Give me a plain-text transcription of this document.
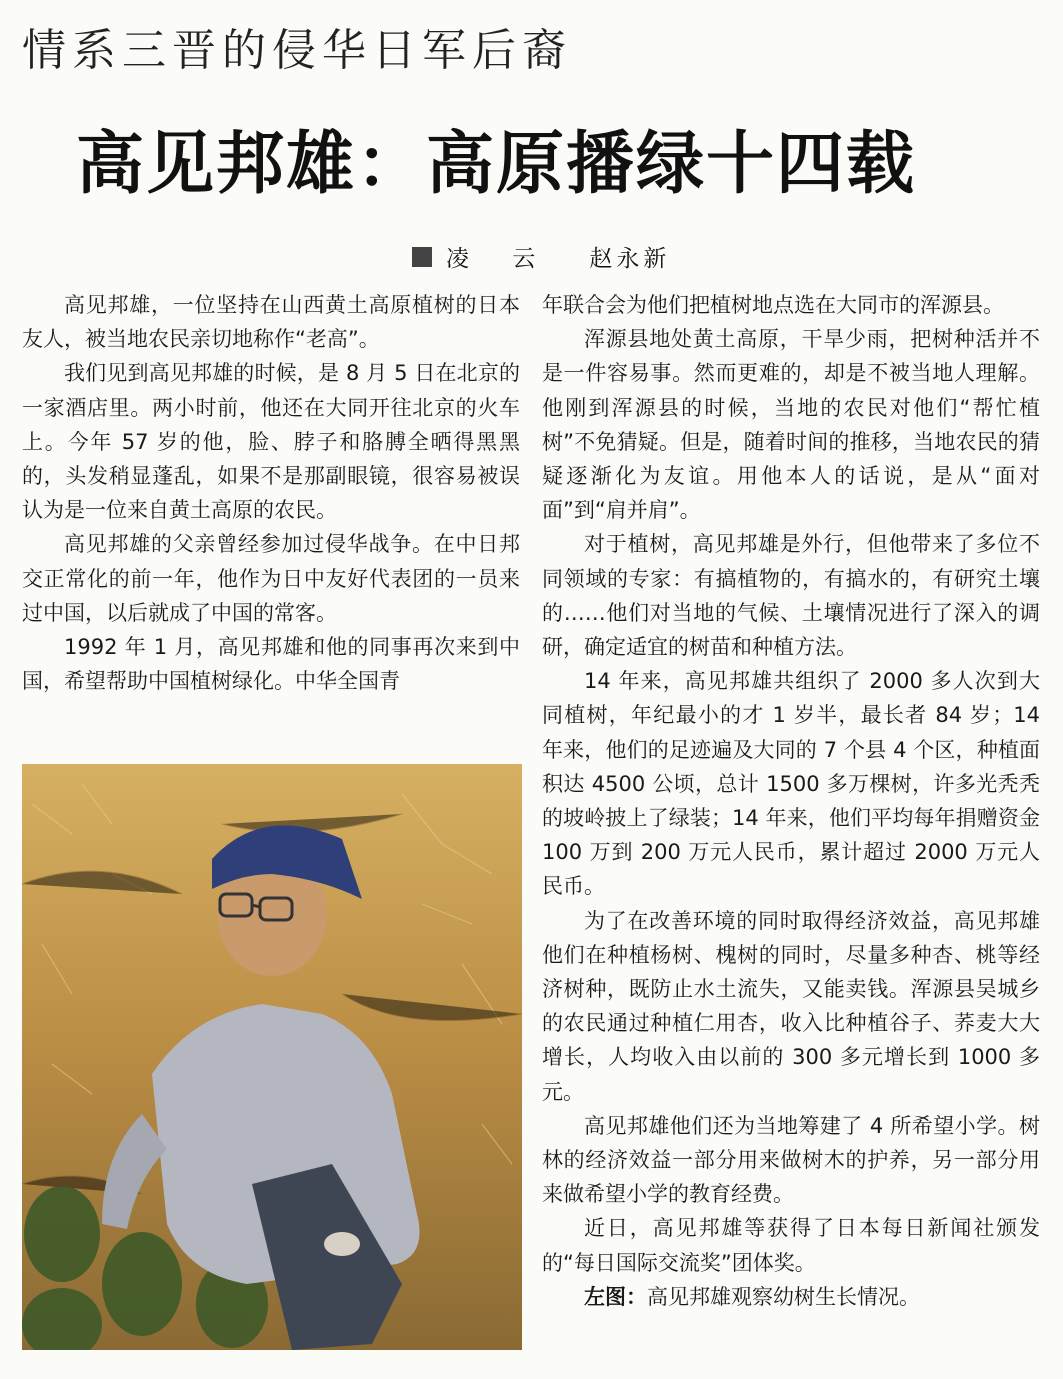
情系三晋的侵华日军后裔
高见邦雄：高原播绿十四载
凌 云 赵永新

高见邦雄，一位坚持在山西黄土高原植树的日本友人，被当地农民亲切地称作“老高”。

我们见到高见邦雄的时候，是 8 月 5 日在北京的一家酒店里。两小时前，他还在大同开往北京的火车上。今年 57 岁的他，脸、脖子和胳膊全晒得黑黑的，头发稍显蓬乱，如果不是那副眼镜，很容易被误认为是一位来自黄土高原的农民。

高见邦雄的父亲曾经参加过侵华战争。在中日邦交正常化的前一年，他作为日中友好代表团的一员来过中国，以后就成了中国的常客。

1992 年 1 月，高见邦雄和他的同事再次来到中国，希望帮助中国植树绿化。中华全国青

年联合会为他们把植树地点选在大同市的浑源县。

浑源县地处黄土高原，干旱少雨，把树种活并不是一件容易事。然而更难的，却是不被当地人理解。他刚到浑源县的时候，当地的农民对他们“帮忙植树”不免猜疑。但是，随着时间的推移，当地农民的猜疑逐渐化为友谊。用他本人的话说，是从“面对面”到“肩并肩”。

对于植树，高见邦雄是外行，但他带来了多位不同领域的专家：有搞植物的，有搞水的，有研究土壤的……他们对当地的气候、土壤情况进行了深入的调研，确定适宜的树苗和种植方法。

14 年来，高见邦雄共组织了 2000 多人次到大同植树，年纪最小的才 1 岁半，最长者 84 岁；14 年来，他们的足迹遍及大同的 7 个县 4 个区，种植面积达 4500 公顷，总计 1500 多万棵树，许多光秃秃的坡岭披上了绿装；14 年来，他们平均每年捐赠资金 100 万到 200 万元人民币，累计超过 2000 万元人民币。

为了在改善环境的同时取得经济效益，高见邦雄他们在种植杨树、槐树的同时，尽量多种杏、桃等经济树种，既防止水土流失，又能卖钱。浑源县吴城乡的农民通过种植仁用杏，收入比种植谷子、荞麦大大增长，人均收入由以前的 300 多元增长到 1000 多元。

高见邦雄他们还为当地筹建了 4 所希望小学。树林的经济效益一部分用来做树木的护养，另一部分用来做希望小学的教育经费。

近日，高见邦雄等获得了日本每日新闻社颁发的“每日国际交流奖”团体奖。

左图：高见邦雄观察幼树生长情况。
